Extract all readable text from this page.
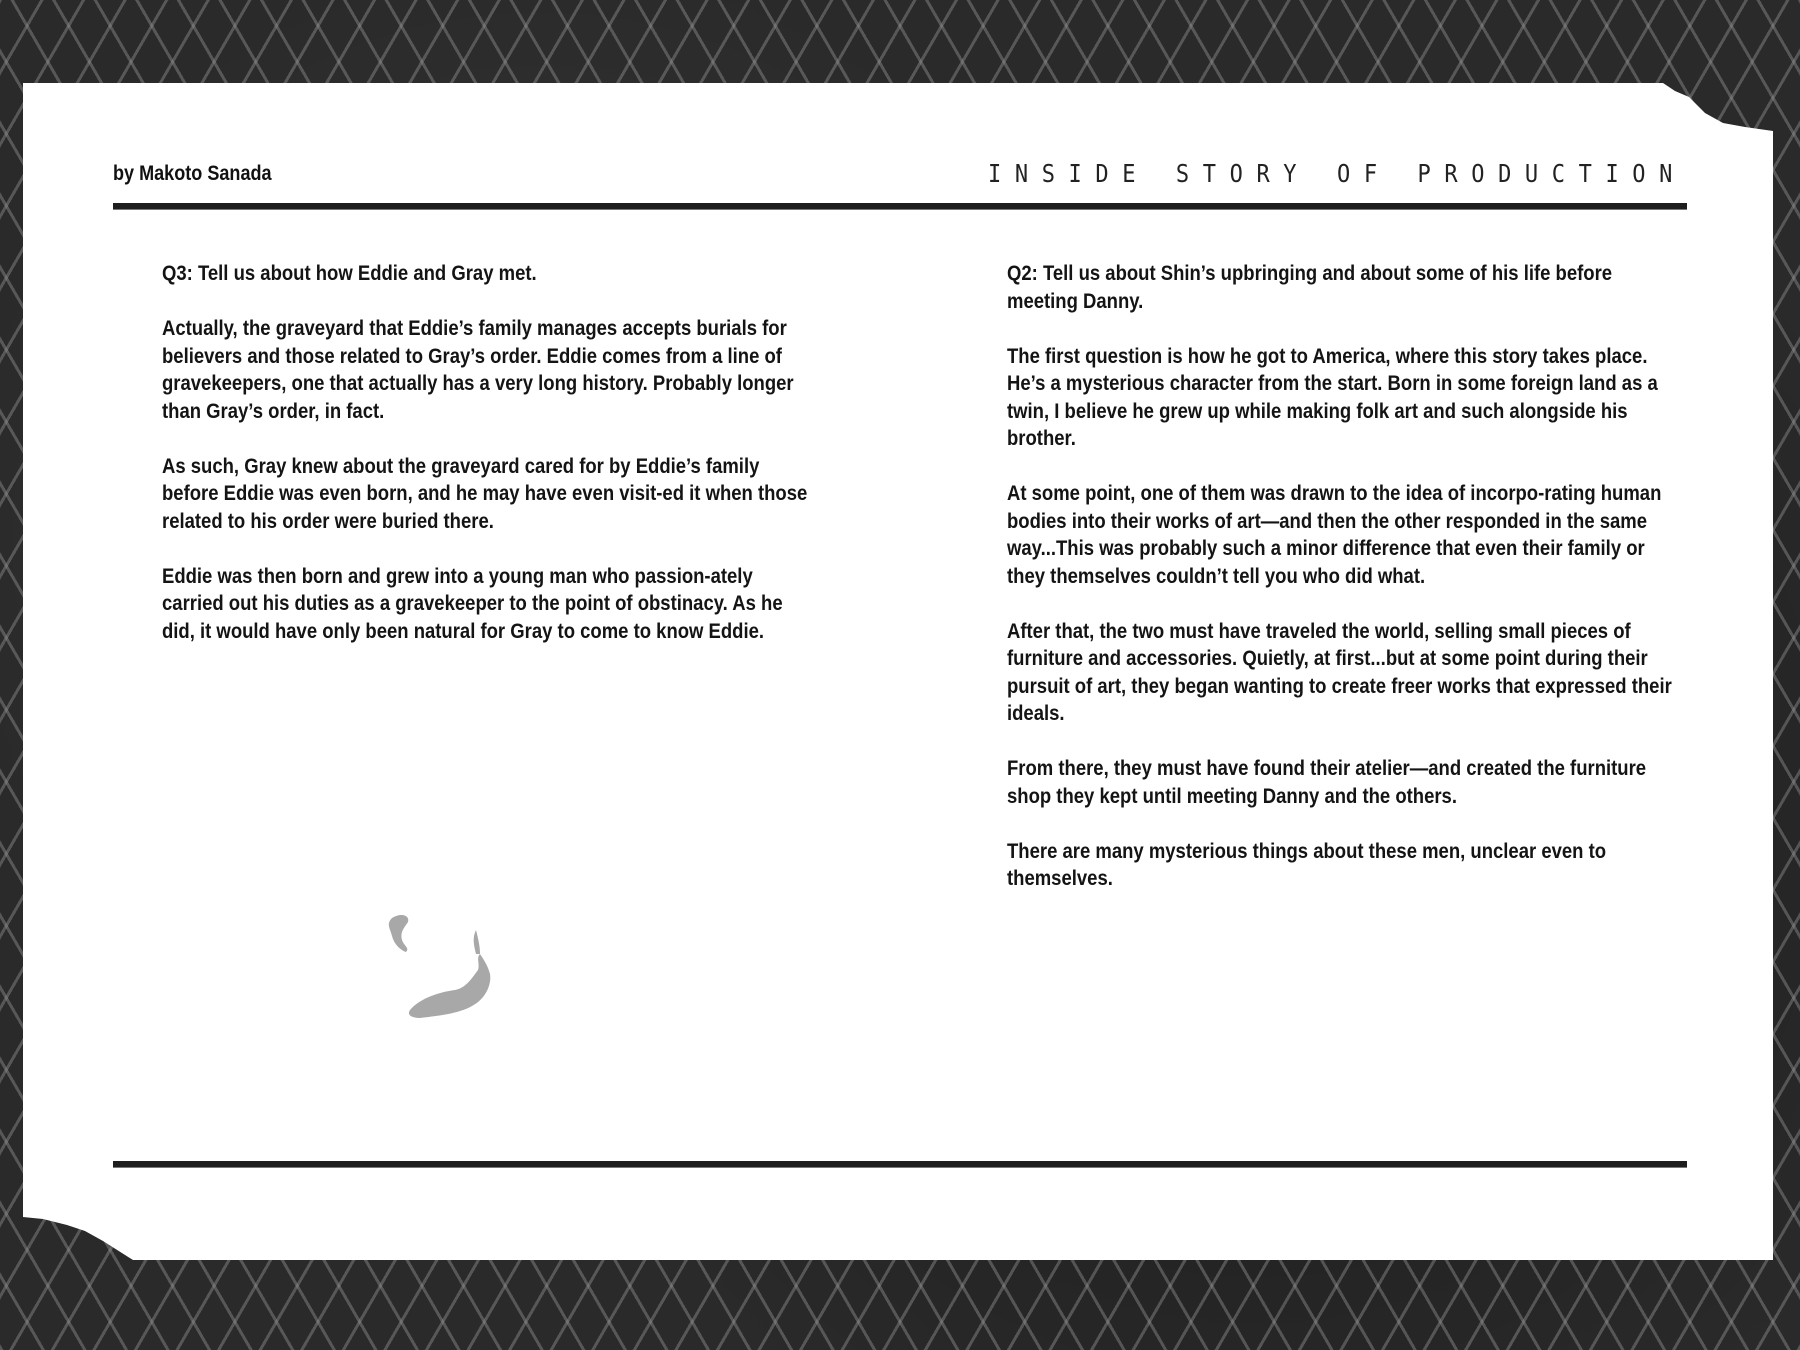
by Makoto Sanada	INSIDE STORY OF PRODUCTION

Q3: Tell us about how Eddie and Gray met.

Actually, the graveyard that Eddie’s family manages accepts burials for believers and those related to Gray’s order. Eddie comes from a line of gravekeepers, one that actually has a very long history. Probably longer than Gray’s order, in fact.

As such, Gray knew about the graveyard cared for by Eddie’s family before Eddie was even born, and he may have even visit-ed it when those related to his order were buried there.

Eddie was then born and grew into a young man who passion-ately carried out his duties as a gravekeeper to the point of obstinacy. As he did, it would have only been natural for Gray to come to know Eddie.

Q2: Tell us about Shin’s upbringing and about some of his life before meeting Danny.

The first question is how he got to America, where this story takes place. He’s a mysterious character from the start. Born in some foreign land as a twin, I believe he grew up while making folk art and such alongside his brother.

At some point, one of them was drawn to the idea of incorpo-rating human bodies into their works of art—and then the other responded in the same way...This was probably such a minor difference that even their family or they themselves couldn’t tell you who did what.

After that, the two must have traveled the world, selling small pieces of furniture and accessories. Quietly, at first...but at some point during their pursuit of art, they began wanting to create freer works that expressed their ideals.

From there, they must have found their atelier—and created the furniture shop they kept until meeting Danny and the others.

There are many mysterious things about these men, unclear even to themselves.
